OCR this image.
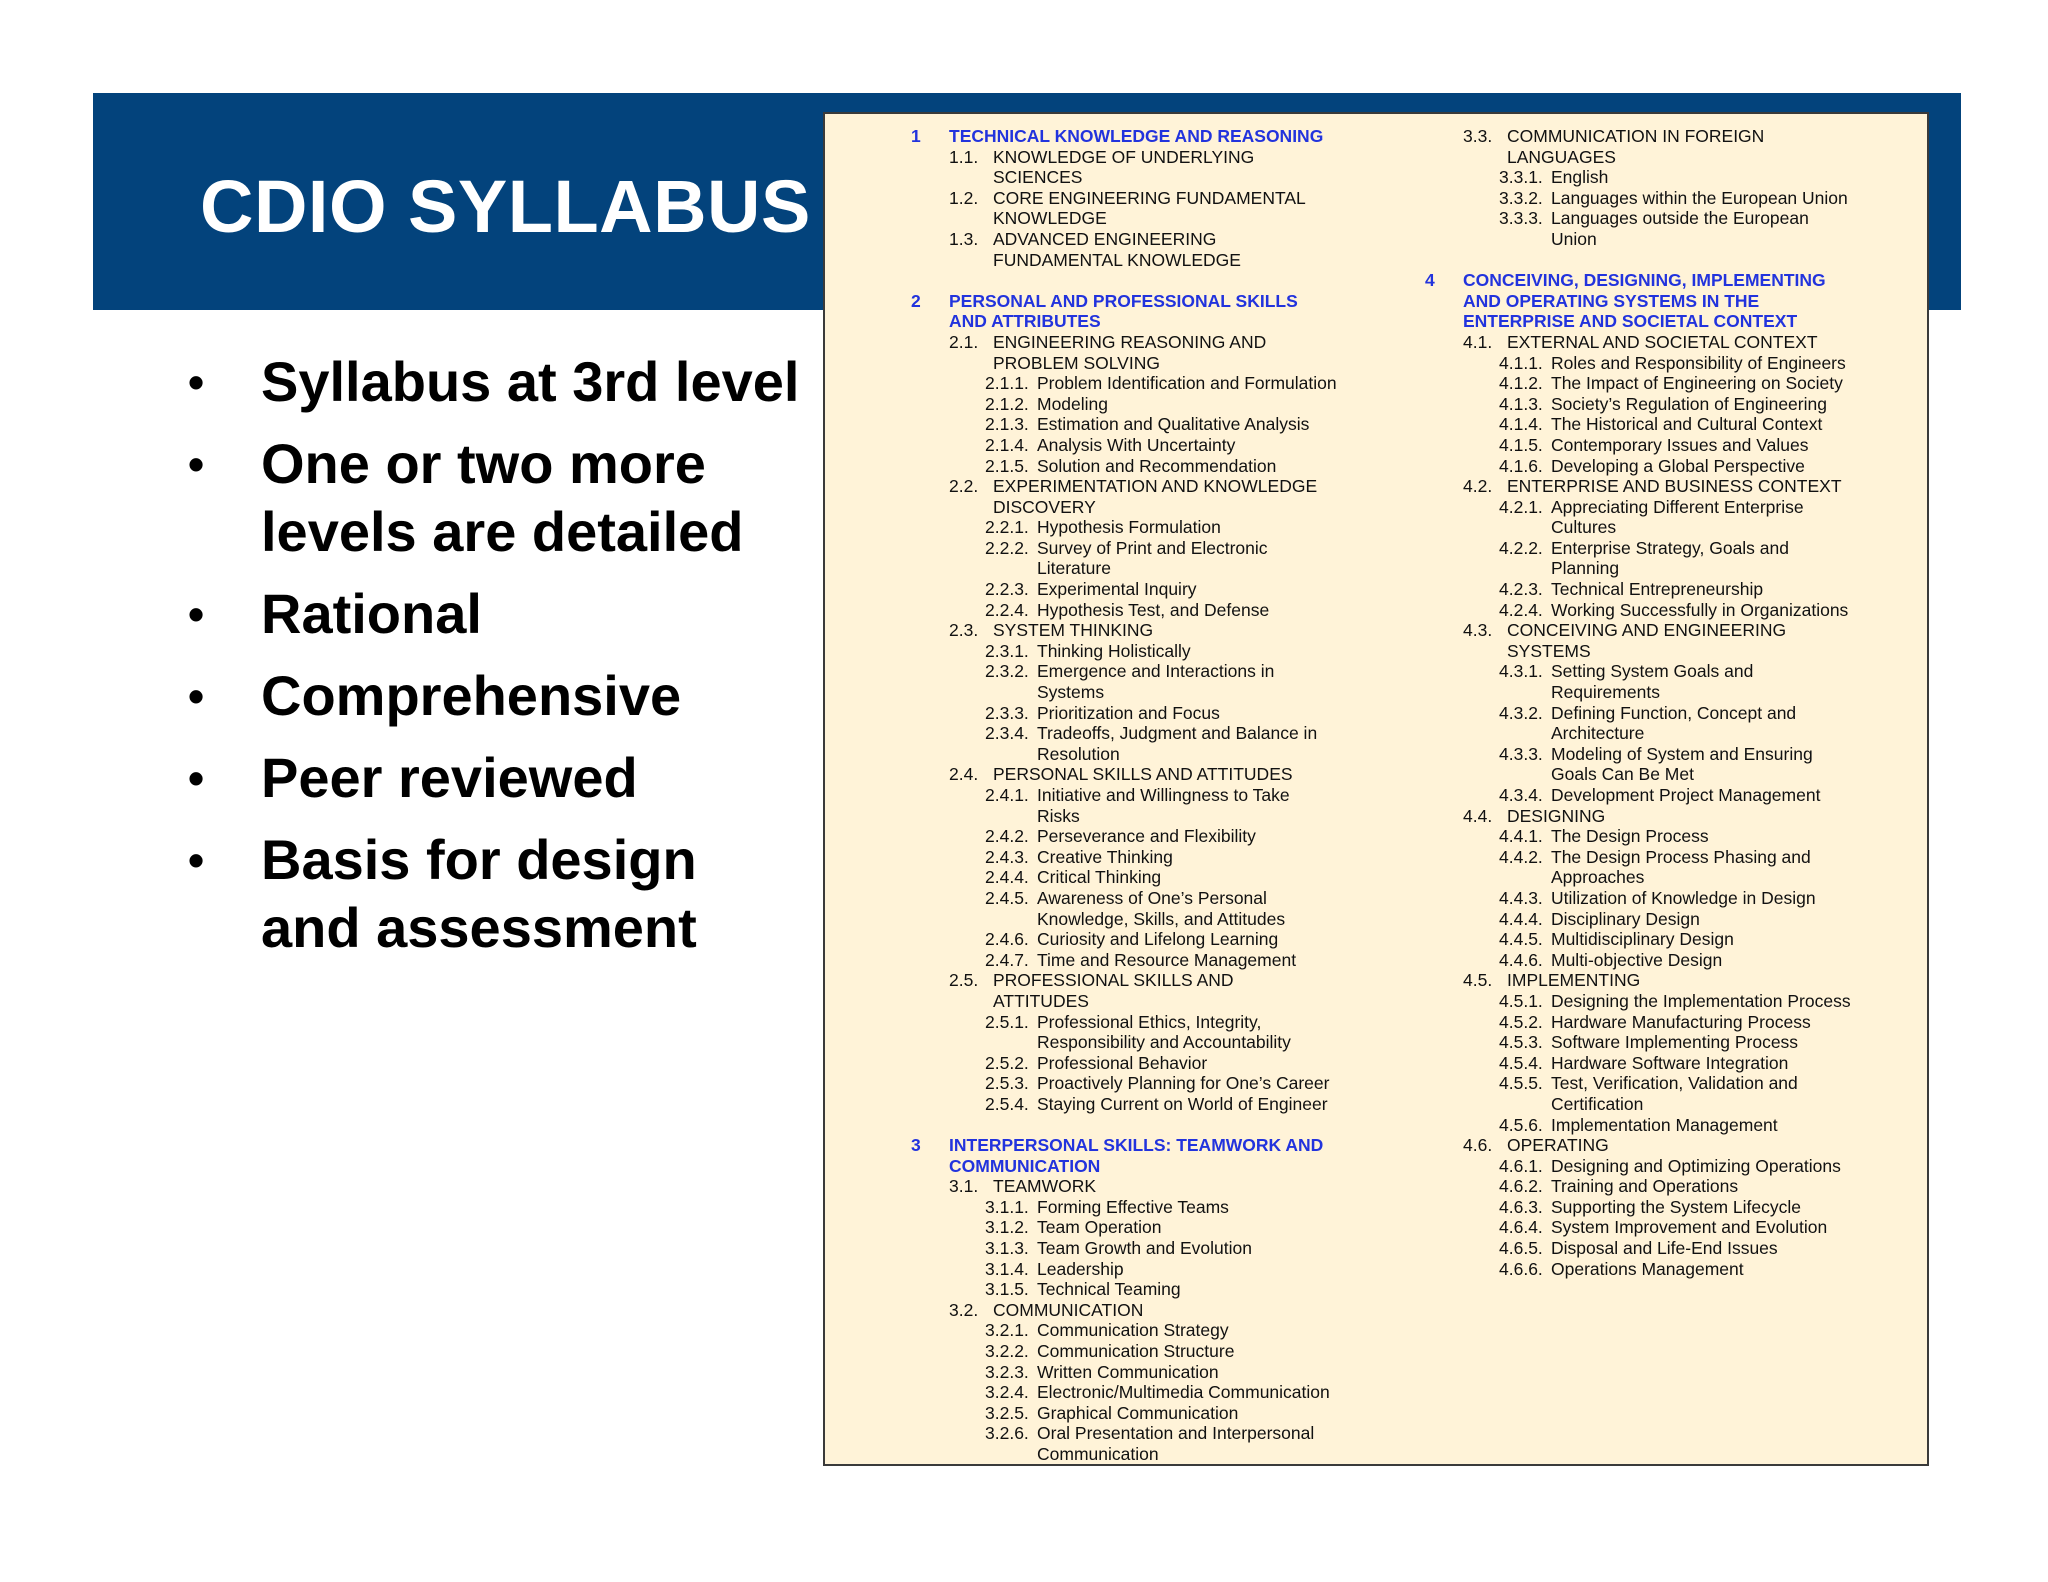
CDIO SYLLABUS
• Syllabus at 3rd level
• One or two more levels are detailed
• Rational
• Comprehensive
• Peer reviewed
• Basis for design and assessment
1 TECHNICAL KNOWLEDGE AND REASONING
1.1. KNOWLEDGE OF UNDERLYING
SCIENCES
1.2. CORE ENGINEERING FUNDAMENTAL
KNOWLEDGE
1.3. ADVANCED ENGINEERING
FUNDAMENTAL KNOWLEDGE
2 PERSONAL AND PROFESSIONAL SKILLS
AND ATTRIBUTES
2.1. ENGINEERING REASONING AND
PROBLEM SOLVING
2.1.1. Problem Identification and Formulation
2.1.2. Modeling
2.1.3. Estimation and Qualitative Analysis
2.1.4. Analysis With Uncertainty
2.1.5. Solution and Recommendation
2.2. EXPERIMENTATION AND KNOWLEDGE
DISCOVERY
2.2.1. Hypothesis Formulation
2.2.2. Survey of Print and Electronic
Literature
2.2.3. Experimental Inquiry
2.2.4. Hypothesis Test, and Defense
2.3. SYSTEM THINKING
2.3.1. Thinking Holistically
2.3.2. Emergence and Interactions in
Systems
2.3.3. Prioritization and Focus
2.3.4. Tradeoffs, Judgment and Balance in
Resolution
2.4. PERSONAL SKILLS AND ATTITUDES
2.4.1. Initiative and Willingness to Take
Risks
2.4.2. Perseverance and Flexibility
2.4.3. Creative Thinking
2.4.4. Critical Thinking
2.4.5. Awareness of One’s Personal
Knowledge, Skills, and Attitudes
2.4.6. Curiosity and Lifelong Learning
2.4.7. Time and Resource Management
2.5. PROFESSIONAL SKILLS AND
ATTITUDES
2.5.1. Professional Ethics, Integrity,
Responsibility and Accountability
2.5.2. Professional Behavior
2.5.3. Proactively Planning for One’s Career
2.5.4. Staying Current on World of Engineer
3 INTERPERSONAL SKILLS: TEAMWORK AND
COMMUNICATION
3.1. TEAMWORK
3.1.1. Forming Effective Teams
3.1.2. Team Operation
3.1.3. Team Growth and Evolution
3.1.4. Leadership
3.1.5. Technical Teaming
3.2. COMMUNICATION
3.2.1. Communication Strategy
3.2.2. Communication Structure
3.2.3. Written Communication
3.2.4. Electronic/Multimedia Communication
3.2.5. Graphical Communication
3.2.6. Oral Presentation and Interpersonal
Communication
3.3. COMMUNICATION IN FOREIGN
LANGUAGES
3.3.1. English
3.3.2. Languages within the European Union
3.3.3. Languages outside the European
Union
4 CONCEIVING, DESIGNING, IMPLEMENTING
AND OPERATING SYSTEMS IN THE
ENTERPRISE AND SOCIETAL CONTEXT
4.1. EXTERNAL AND SOCIETAL CONTEXT
4.1.1. Roles and Responsibility of Engineers
4.1.2. The Impact of Engineering on Society
4.1.3. Society’s Regulation of Engineering
4.1.4. The Historical and Cultural Context
4.1.5. Contemporary Issues and Values
4.1.6. Developing a Global Perspective
4.2. ENTERPRISE AND BUSINESS CONTEXT
4.2.1. Appreciating Different Enterprise
Cultures
4.2.2. Enterprise Strategy, Goals and
Planning
4.2.3. Technical Entrepreneurship
4.2.4. Working Successfully in Organizations
4.3. CONCEIVING AND ENGINEERING
SYSTEMS
4.3.1. Setting System Goals and
Requirements
4.3.2. Defining Function, Concept and
Architecture
4.3.3. Modeling of System and Ensuring
Goals Can Be Met
4.3.4. Development Project Management
4.4. DESIGNING
4.4.1. The Design Process
4.4.2. The Design Process Phasing and
Approaches
4.4.3. Utilization of Knowledge in Design
4.4.4. Disciplinary Design
4.4.5. Multidisciplinary Design
4.4.6. Multi-objective Design
4.5. IMPLEMENTING
4.5.1. Designing the Implementation Process
4.5.2. Hardware Manufacturing Process
4.5.3. Software Implementing Process
4.5.4. Hardware Software Integration
4.5.5. Test, Verification, Validation and
Certification
4.5.6. Implementation Management
4.6. OPERATING
4.6.1. Designing and Optimizing Operations
4.6.2. Training and Operations
4.6.3. Supporting the System Lifecycle
4.6.4. System Improvement and Evolution
4.6.5. Disposal and Life-End Issues
4.6.6. Operations Management
